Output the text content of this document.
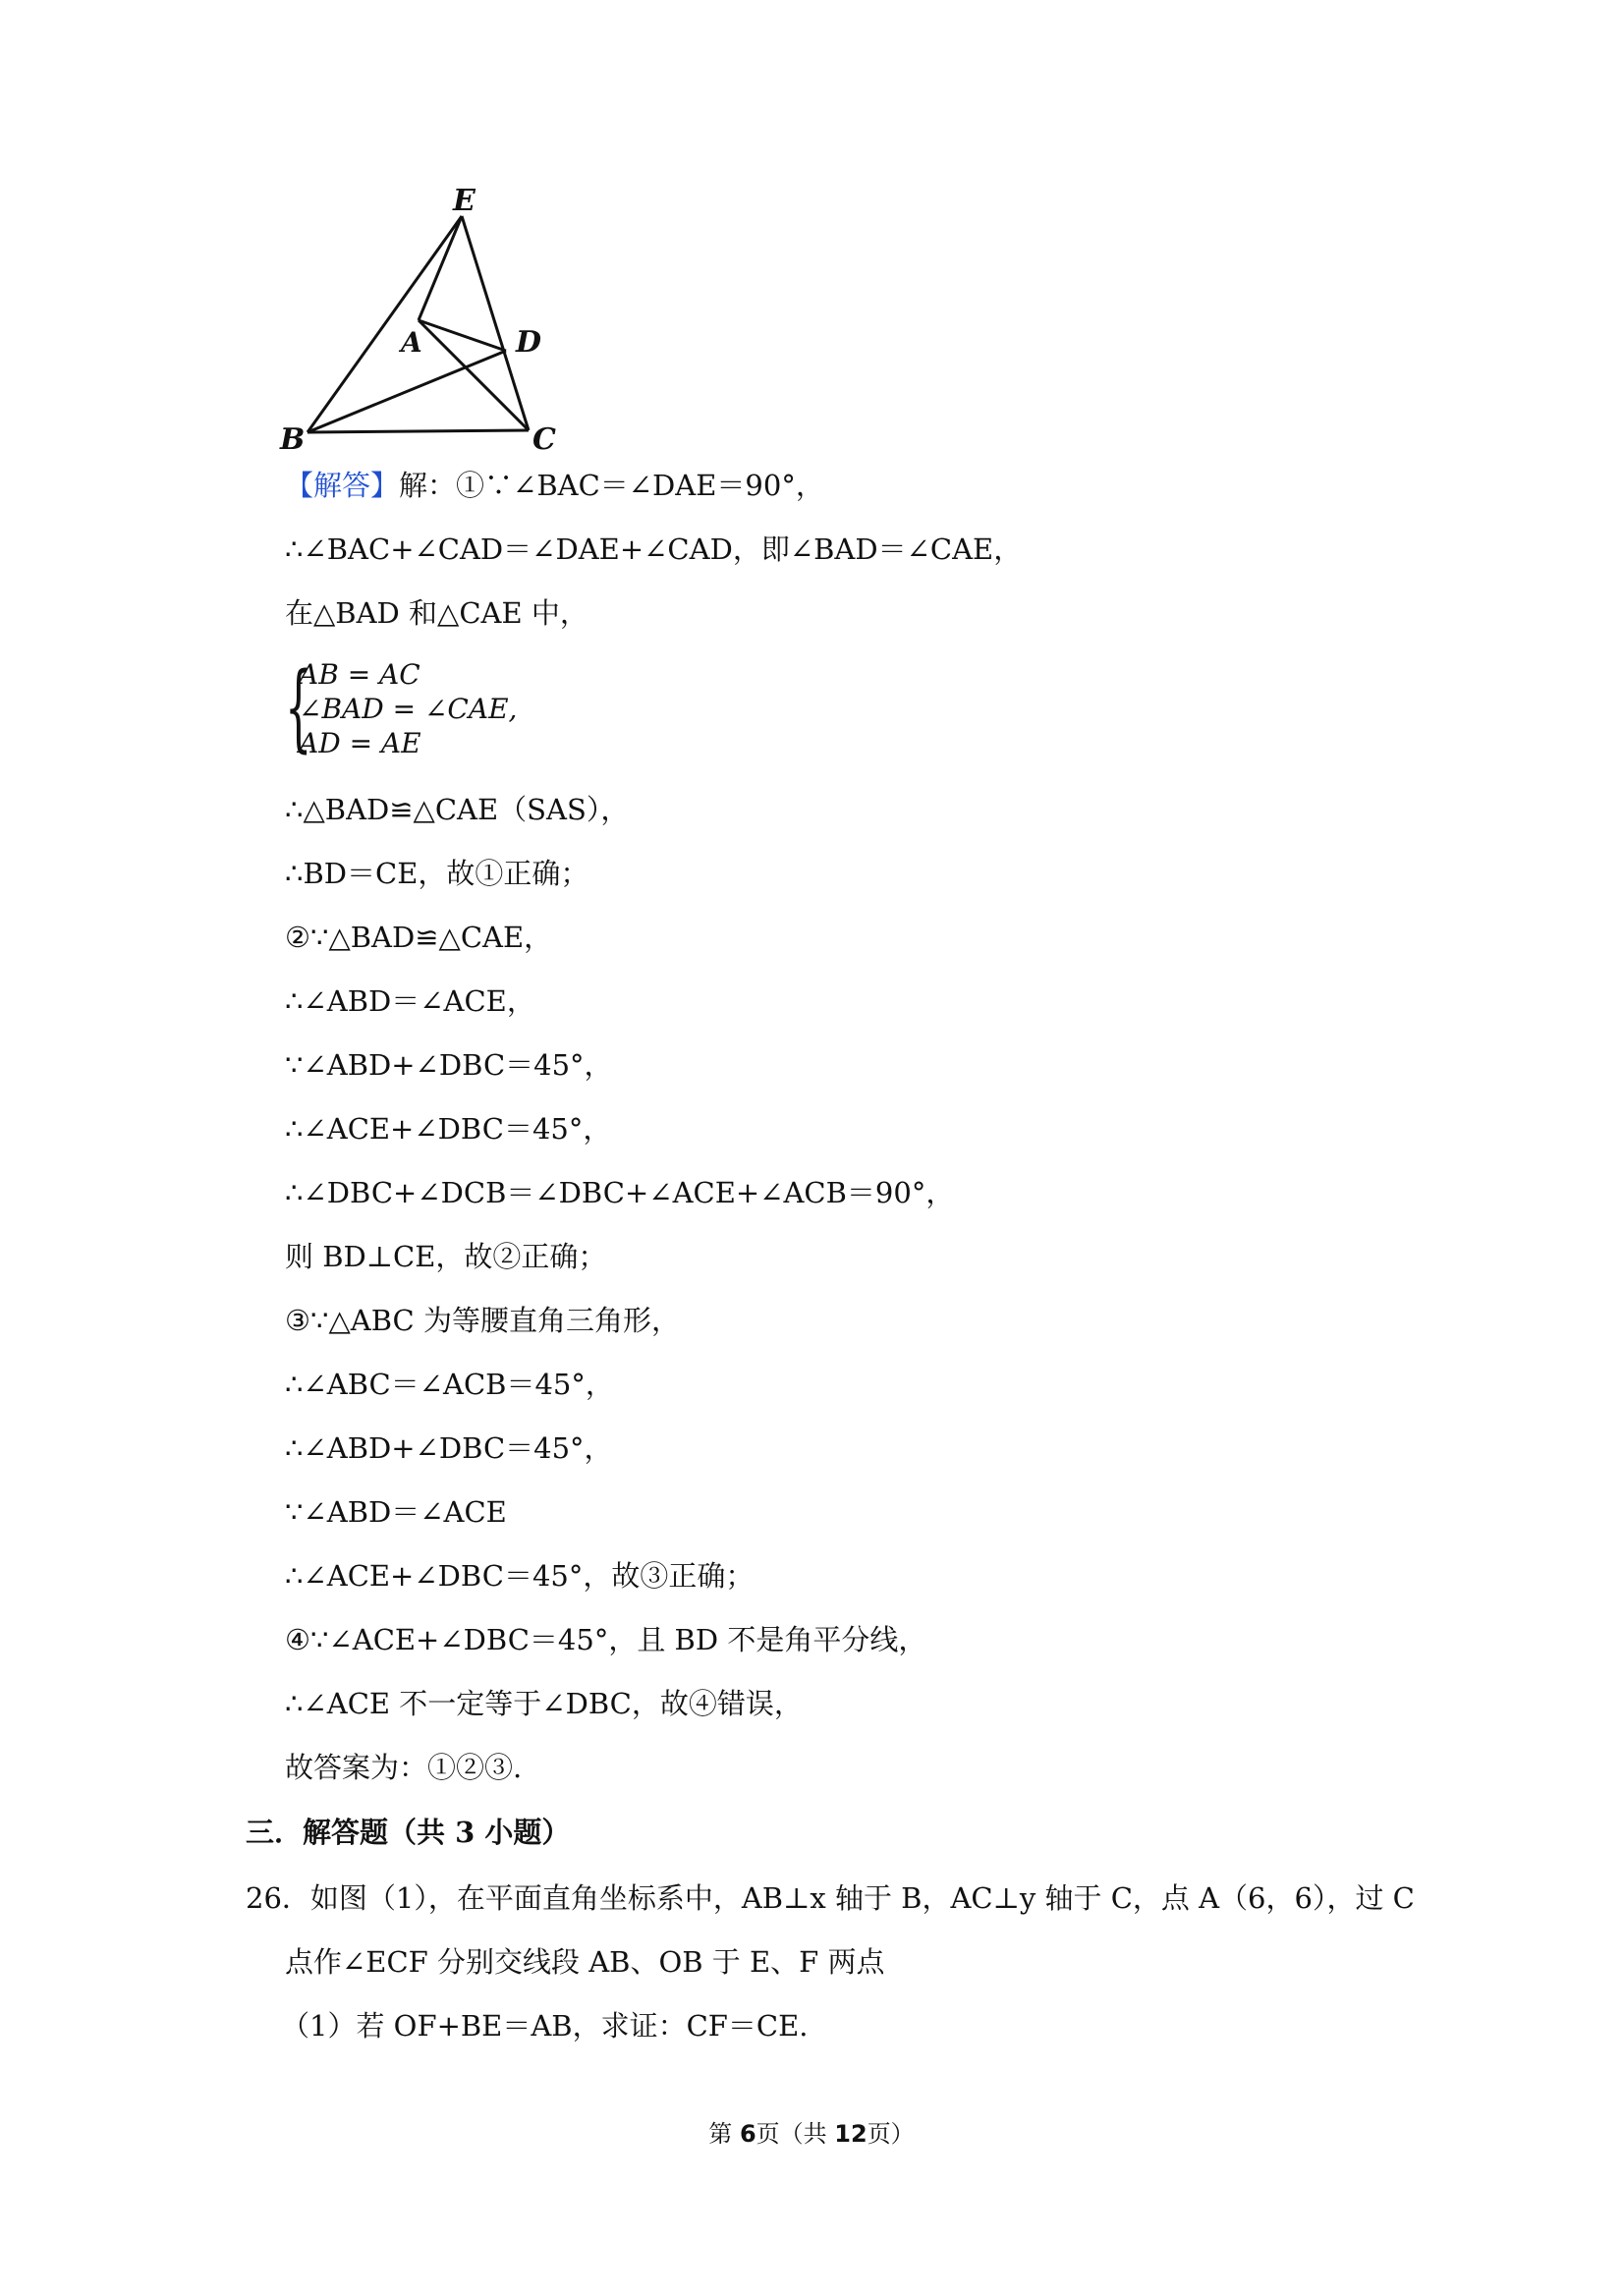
E
A	D
B	C
【解答】解：①∵∠BAC＝∠DAE＝90°，
∴∠BAC+∠CAD＝∠DAE+∠CAD，即∠BAD＝∠CAE，
在△BAD 和△CAE 中，
{
AB = AC
∠BAD = ∠CAE,
AD = AE
∴△BAD≌△CAE（SAS），
∴BD＝CE，故①正确；
②∵△BAD≌△CAE，
∴∠ABD＝∠ACE，
∵∠ABD+∠DBC＝45°，
∴∠ACE+∠DBC＝45°，
∴∠DBC+∠DCB＝∠DBC+∠ACE+∠ACB＝90°，
则 BD⊥CE，故②正确；
③∵△ABC 为等腰直角三角形，
∴∠ABC＝∠ACB＝45°，
∴∠ABD+∠DBC＝45°，
∵∠ABD＝∠ACE
∴∠ACE+∠DBC＝45°，故③正确；
④∵∠ACE+∠DBC＝45°，且 BD 不是角平分线，
∴∠ACE 不一定等于∠DBC，故④错误，
故答案为：①②③.
三．解答题（共 3 小题）
26．如图（1），在平面直角坐标系中，AB⊥x 轴于 B，AC⊥y 轴于 C，点 A（6，6），过 C
点作∠ECF 分别交线段 AB、OB 于 E、F 两点
（1）若 OF+BE＝AB，求证：CF＝CE.
第 6页（共 12页）
